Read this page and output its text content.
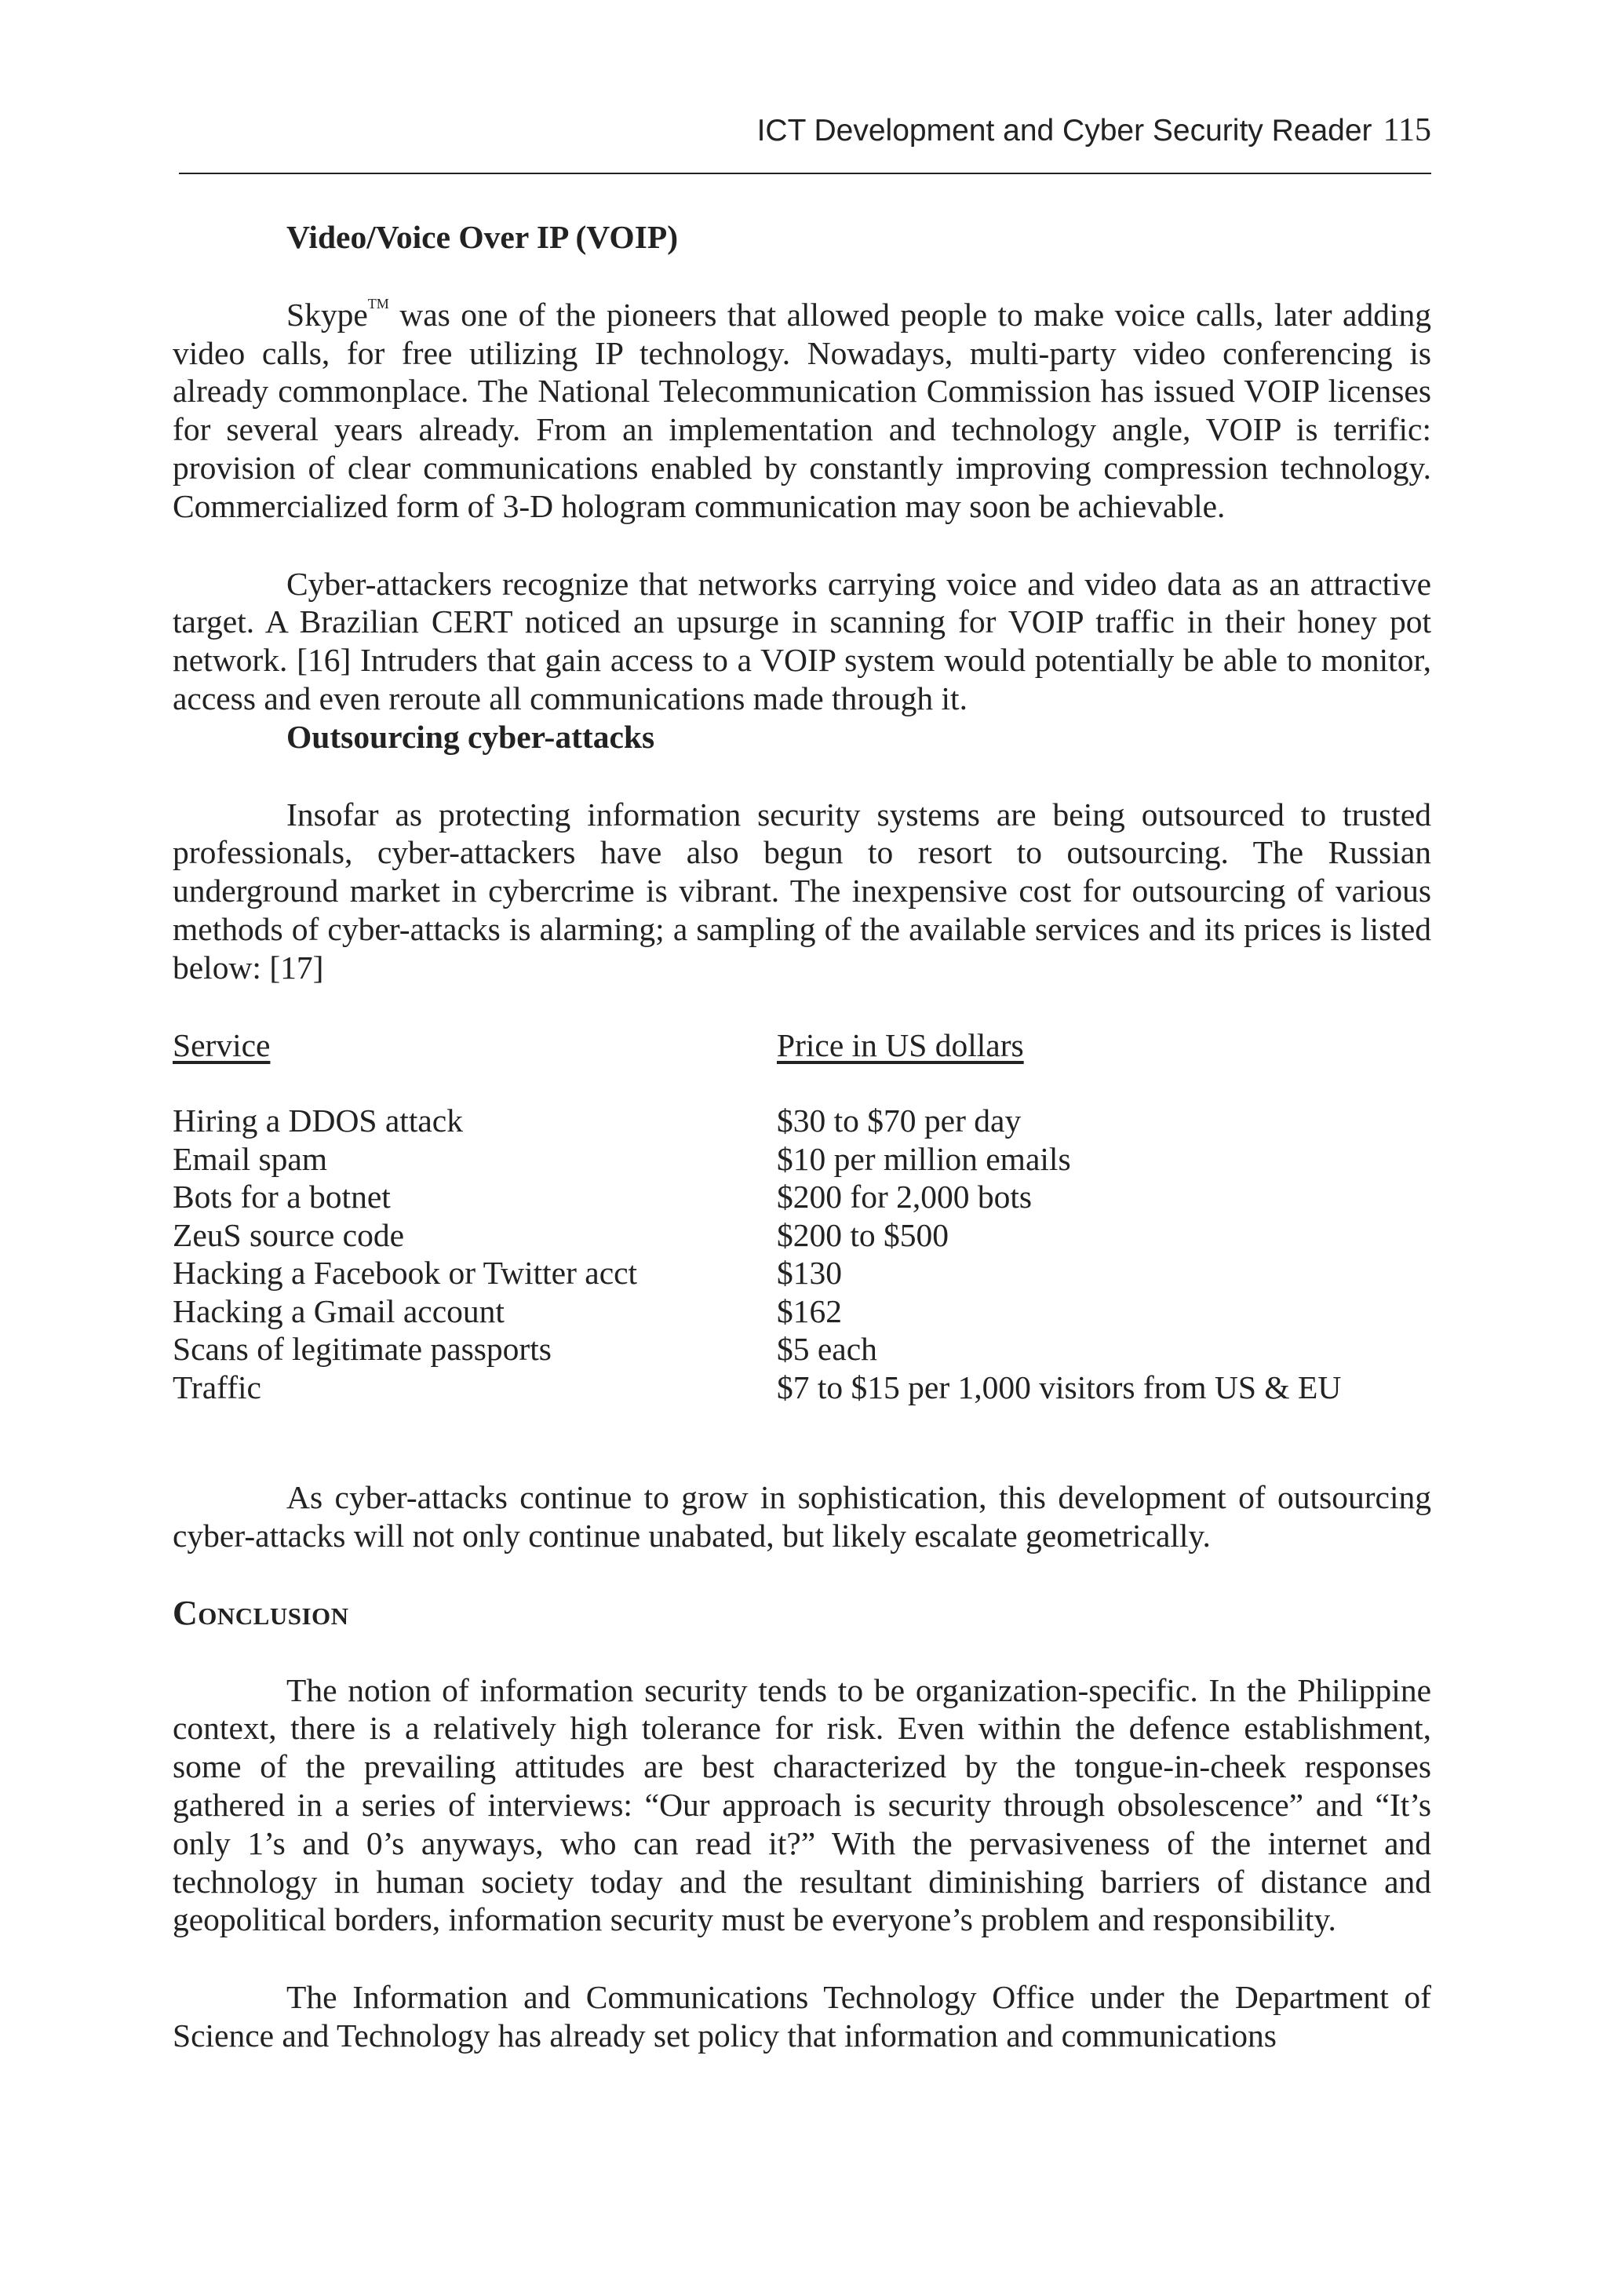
ICT Development and Cyber Security Reader 115
Video/Voice Over IP (VOIP)

Skype™ was one of the pioneers that allowed people to make voice calls, later adding video calls, for free utilizing IP technology. Nowadays, multi-party video conferencing is already commonplace. The National Telecommunication Commission has issued VOIP licenses for several years already. From an implementation and technology angle, VOIP is terrific: provision of clear communications enabled by constantly improving compression technology. Commercialized form of 3-D hologram communication may soon be achievable.

Cyber-attackers recognize that networks carrying voice and video data as an attractive target. A Brazilian CERT noticed an upsurge in scanning for VOIP traffic in their honey pot network. [16] Intruders that gain access to a VOIP system would potentially be able to monitor, access and even reroute all communications made through it.

Outsourcing cyber-attacks

Insofar as protecting information security systems are being outsourced to trusted professionals, cyber-attackers have also begun to resort to outsourcing. The Russian underground market in cybercrime is vibrant. The inexpensive cost for outsourcing of various methods of cyber-attacks is alarming; a sampling of the available services and its prices is listed below: [17]

Service	Price in US dollars
Hiring a DDOS attack	$30 to $70 per day
Email spam	$10 per million emails
Bots for a botnet	$200 for 2,000 bots
ZeuS source code	$200 to $500
Hacking a Facebook or Twitter acct	$130
Hacking a Gmail account	$162
Scans of legitimate passports	$5 each
Traffic	$7 to $15 per 1,000 visitors from US & EU

As cyber-attacks continue to grow in sophistication, this development of outsourcing cyber-attacks will not only continue unabated, but likely escalate geometrically.

Conclusion

The notion of information security tends to be organization-specific. In the Philippine context, there is a relatively high tolerance for risk. Even within the defence establishment, some of the prevailing attitudes are best characterized by the tongue-in-cheek responses gathered in a series of interviews: “Our approach is security through obsolescence” and “It’s only 1’s and 0’s anyways, who can read it?” With the pervasiveness of the internet and technology in human society today and the resultant diminishing barriers of distance and geopolitical borders, information security must be everyone’s problem and responsibility.

The Information and Communications Technology Office under the Department of Science and Technology has already set policy that information and communications
